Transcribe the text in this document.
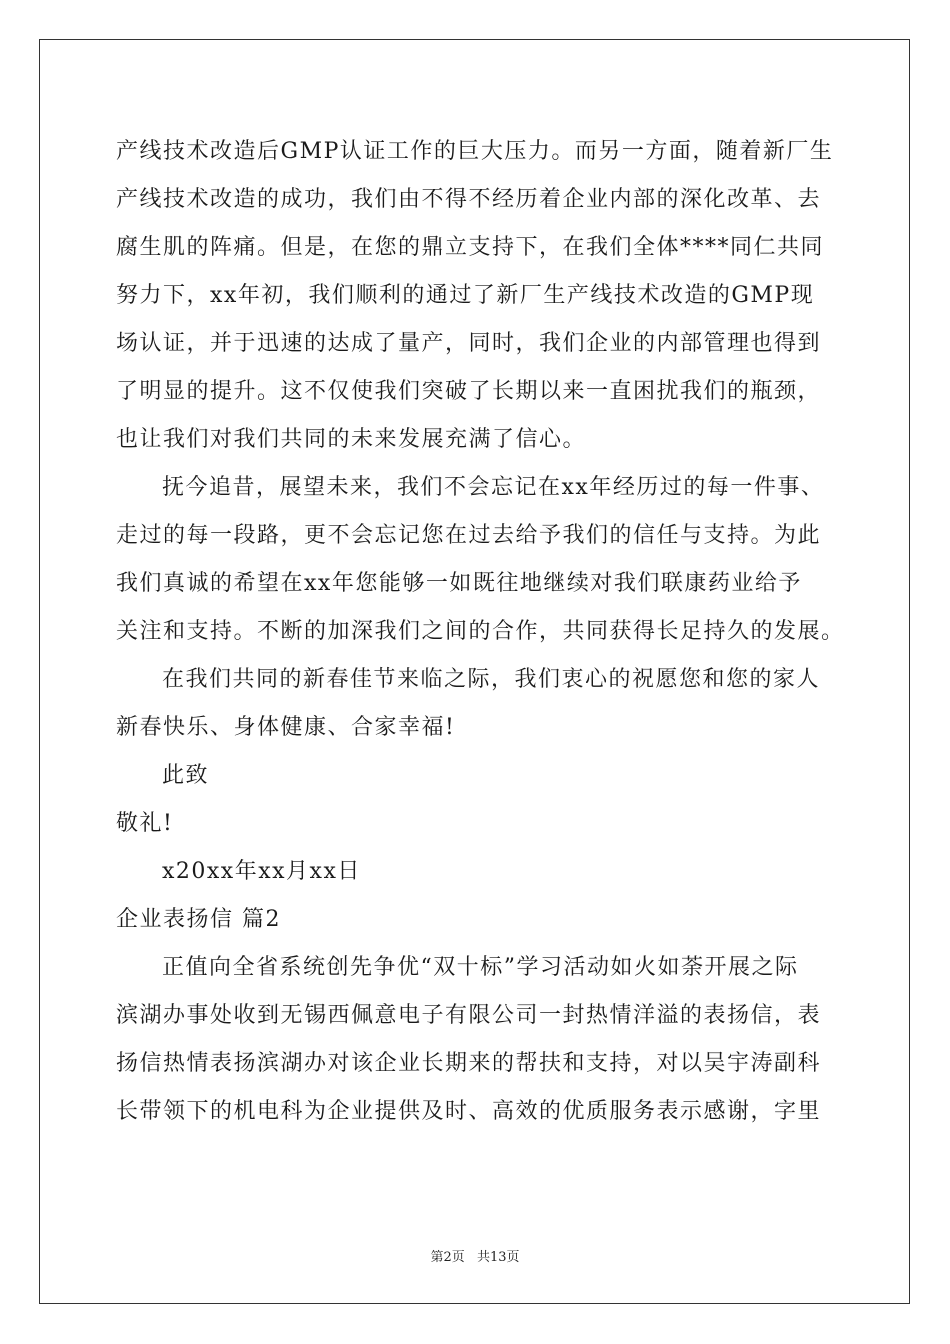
产线技术改造后GMP认证工作的巨大压力。而另一方面，随着新厂生
产线技术改造的成功，我们由不得不经历着企业内部的深化改革、去
腐生肌的阵痛。但是，在您的鼎立支持下，在我们全体****同仁共同
努力下，xx年初，我们顺利的通过了新厂生产线技术改造的GMP现
场认证，并于迅速的达成了量产，同时，我们企业的内部管理也得到
了明显的提升。这不仅使我们突破了长期以来一直困扰我们的瓶颈，
也让我们对我们共同的未来发展充满了信心。
抚今追昔，展望未来，我们不会忘记在xx年经历过的每一件事、
走过的每一段路，更不会忘记您在过去给予我们的信任与支持。为此
我们真诚的希望在xx年您能够一如既往地继续对我们联康药业给予
关注和支持。不断的加深我们之间的合作，共同获得长足持久的发展。
在我们共同的新春佳节来临之际，我们衷心的祝愿您和您的家人
新春快乐、身体健康、合家幸福!
此致
敬礼!
x20xx年xx月xx日
企业表扬信 篇2
正值向全省系统创先争优“双十标”学习活动如火如荼开展之际
滨湖办事处收到无锡西佩意电子有限公司一封热情洋溢的表扬信，表
扬信热情表扬滨湖办对该企业长期来的帮扶和支持，对以吴宇涛副科
长带领下的机电科为企业提供及时、高效的优质服务表示感谢，字里
第2页 共13页
